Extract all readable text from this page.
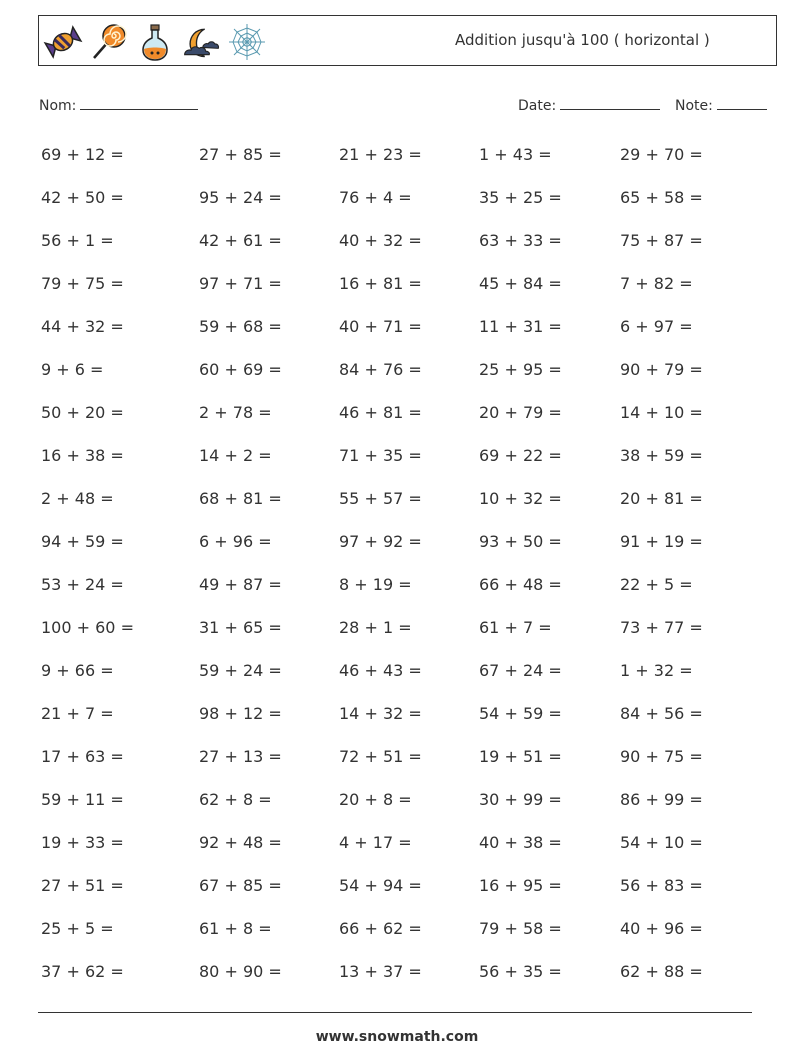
Addition jusqu'à 100 ( horizontal )
Nom:	Date:	Note:
69 + 12 =	27 + 85 =	21 + 23 =	1 + 43 =	29 + 70 =
42 + 50 =	95 + 24 =	76 + 4 =	35 + 25 =	65 + 58 =
56 + 1 =	42 + 61 =	40 + 32 =	63 + 33 =	75 + 87 =
79 + 75 =	97 + 71 =	16 + 81 =	45 + 84 =	7 + 82 =
44 + 32 =	59 + 68 =	40 + 71 =	11 + 31 =	6 + 97 =
9 + 6 =	60 + 69 =	84 + 76 =	25 + 95 =	90 + 79 =
50 + 20 =	2 + 78 =	46 + 81 =	20 + 79 =	14 + 10 =
16 + 38 =	14 + 2 =	71 + 35 =	69 + 22 =	38 + 59 =
2 + 48 =	68 + 81 =	55 + 57 =	10 + 32 =	20 + 81 =
94 + 59 =	6 + 96 =	97 + 92 =	93 + 50 =	91 + 19 =
53 + 24 =	49 + 87 =	8 + 19 =	66 + 48 =	22 + 5 =
100 + 60 =	31 + 65 =	28 + 1 =	61 + 7 =	73 + 77 =
9 + 66 =	59 + 24 =	46 + 43 =	67 + 24 =	1 + 32 =
21 + 7 =	98 + 12 =	14 + 32 =	54 + 59 =	84 + 56 =
17 + 63 =	27 + 13 =	72 + 51 =	19 + 51 =	90 + 75 =
59 + 11 =	62 + 8 =	20 + 8 =	30 + 99 =	86 + 99 =
19 + 33 =	92 + 48 =	4 + 17 =	40 + 38 =	54 + 10 =
27 + 51 =	67 + 85 =	54 + 94 =	16 + 95 =	56 + 83 =
25 + 5 =	61 + 8 =	66 + 62 =	79 + 58 =	40 + 96 =
37 + 62 =	80 + 90 =	13 + 37 =	56 + 35 =	62 + 88 =
www.snowmath.com
